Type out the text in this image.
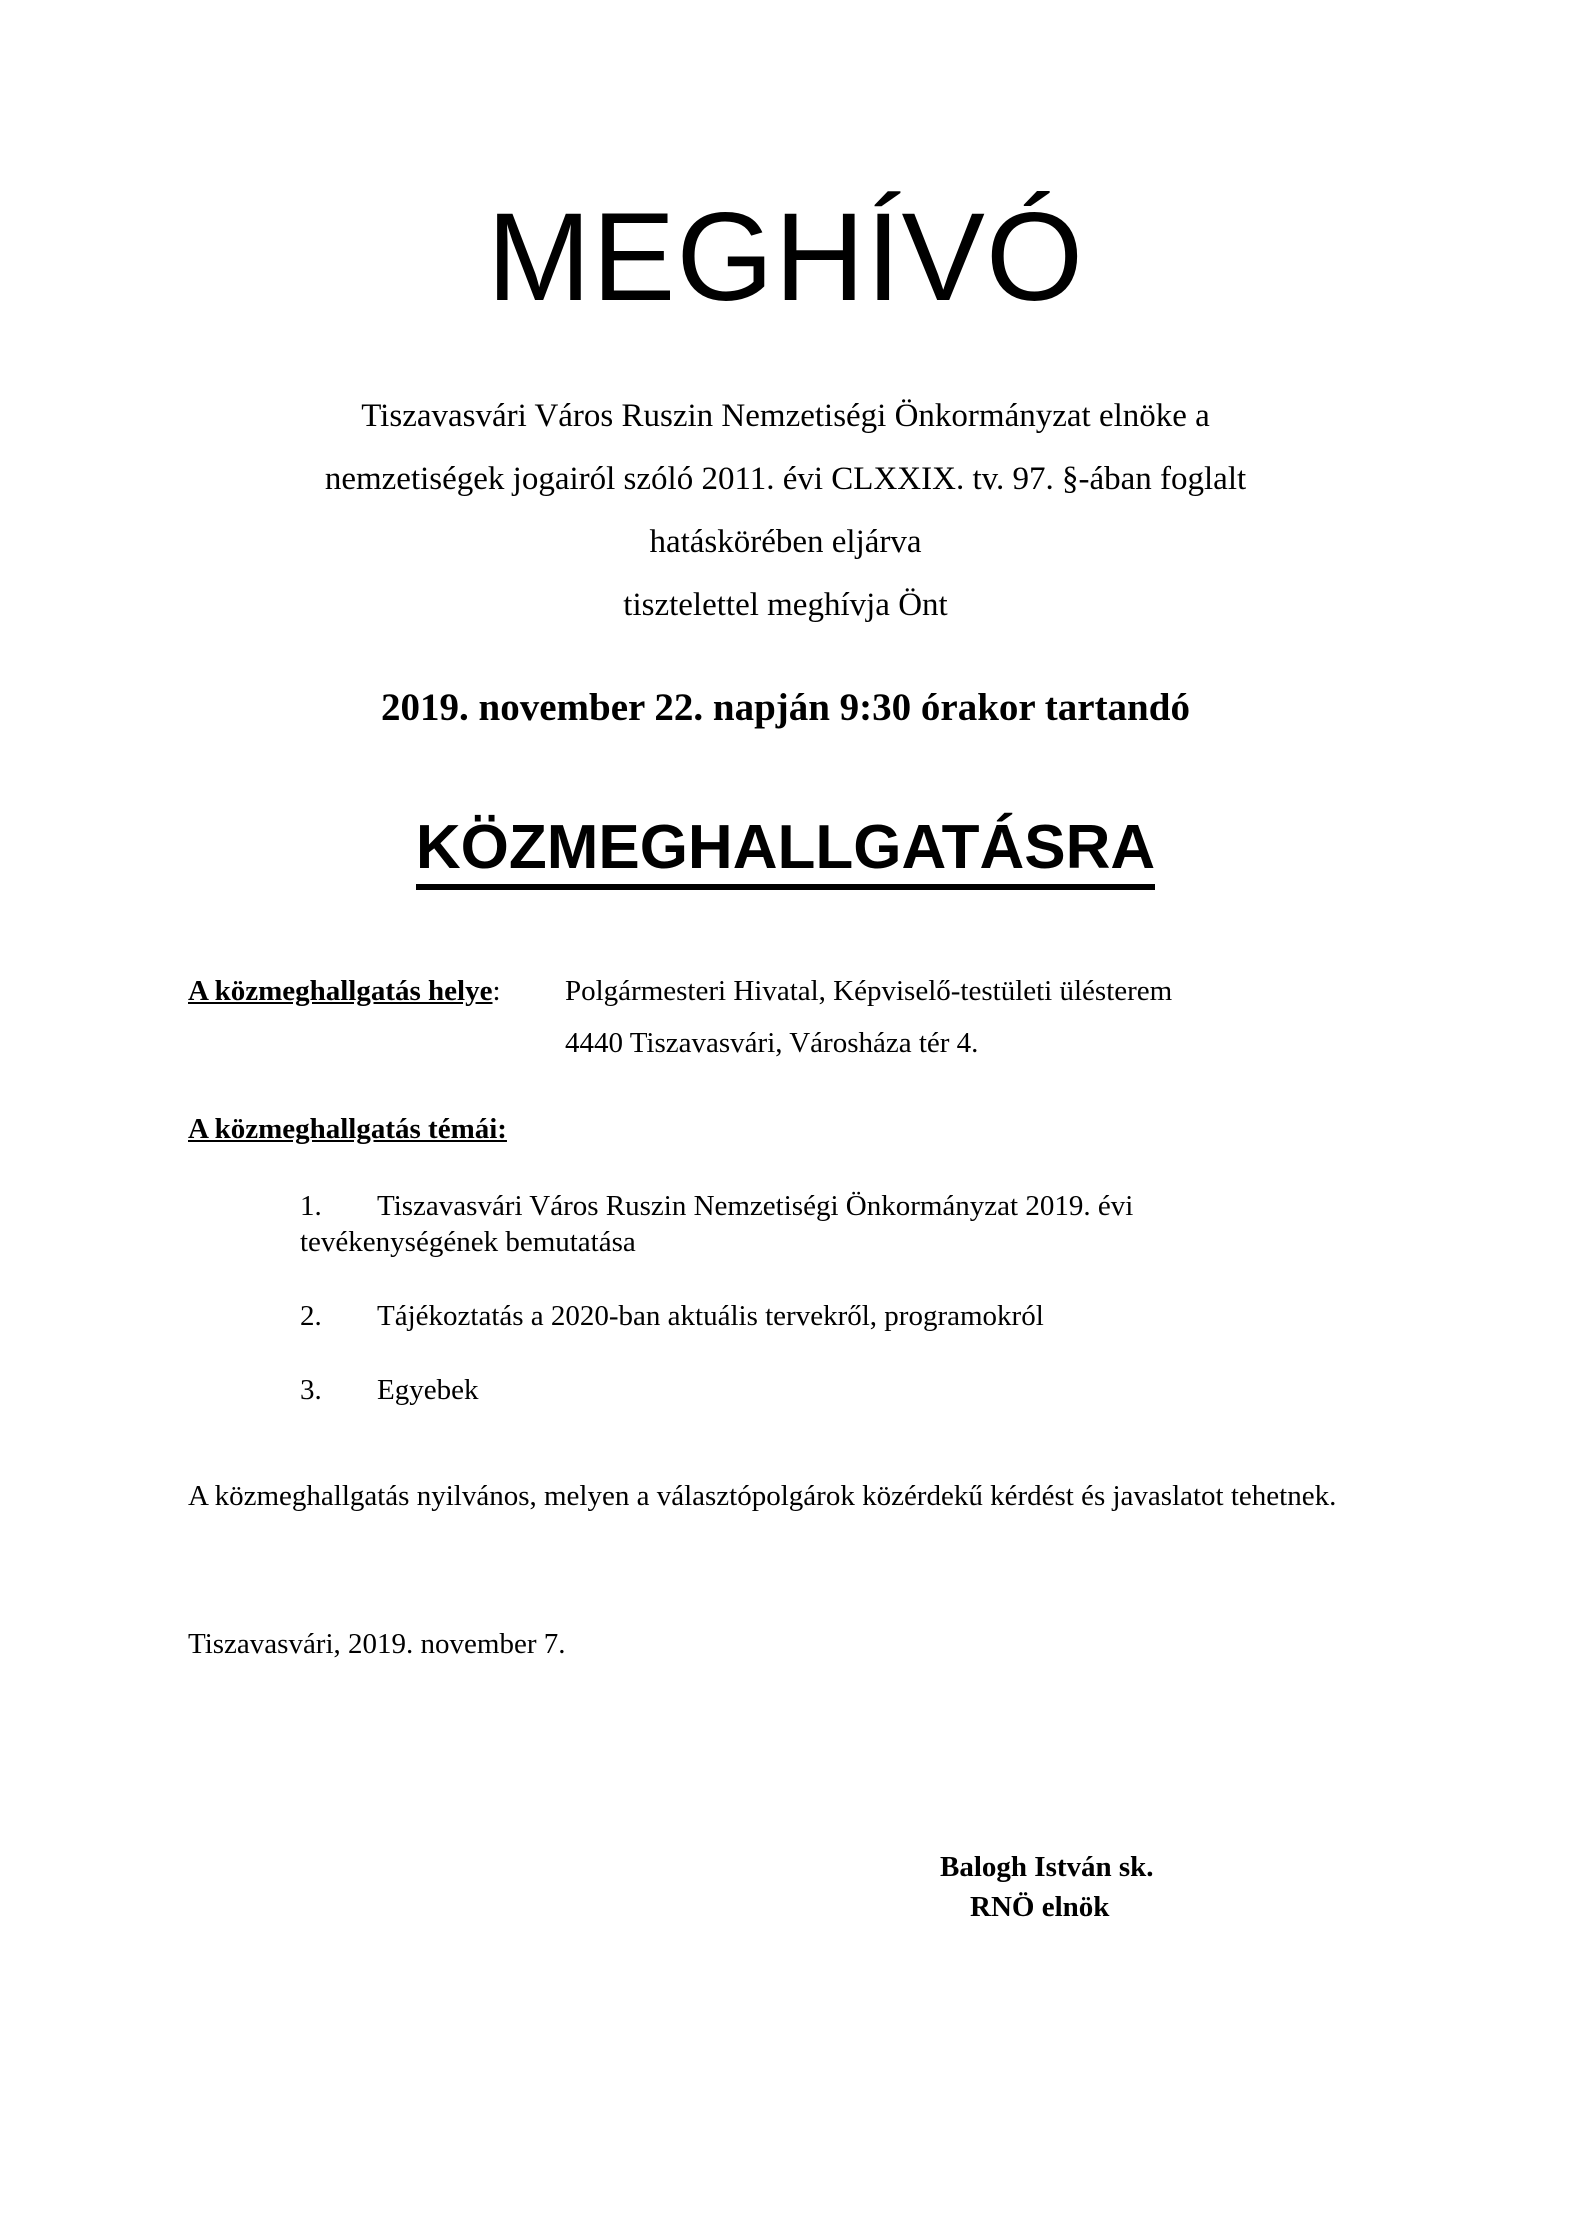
MEGHÍVÓ
Tiszavasvári Város Ruszin Nemzetiségi Önkormányzat elnöke a
nemzetiségek jogairól szóló 2011. évi CLXXIX. tv. 97. §-ában foglalt
hatáskörében eljárva
tisztelettel meghívja Önt
2019. november 22. napján 9:30 órakor tartandó
KÖZMEGHALLGATÁSRA
A közmeghallgatás helye: Polgármesteri Hivatal, Képviselő-testületi ülésterem
4440 Tiszavasvári, Városháza tér 4.
A közmeghallgatás témái:
1. Tiszavasvári Város Ruszin Nemzetiségi Önkormányzat 2019. évi
tevékenységének bemutatása
2. Tájékoztatás a 2020-ban aktuális tervekről, programokról
3. Egyebek
A közmeghallgatás nyilvános, melyen a választópolgárok közérdekű kérdést és javaslatot tehetnek.
Tiszavasvári, 2019. november 7.
Balogh István sk.
RNÖ elnök
